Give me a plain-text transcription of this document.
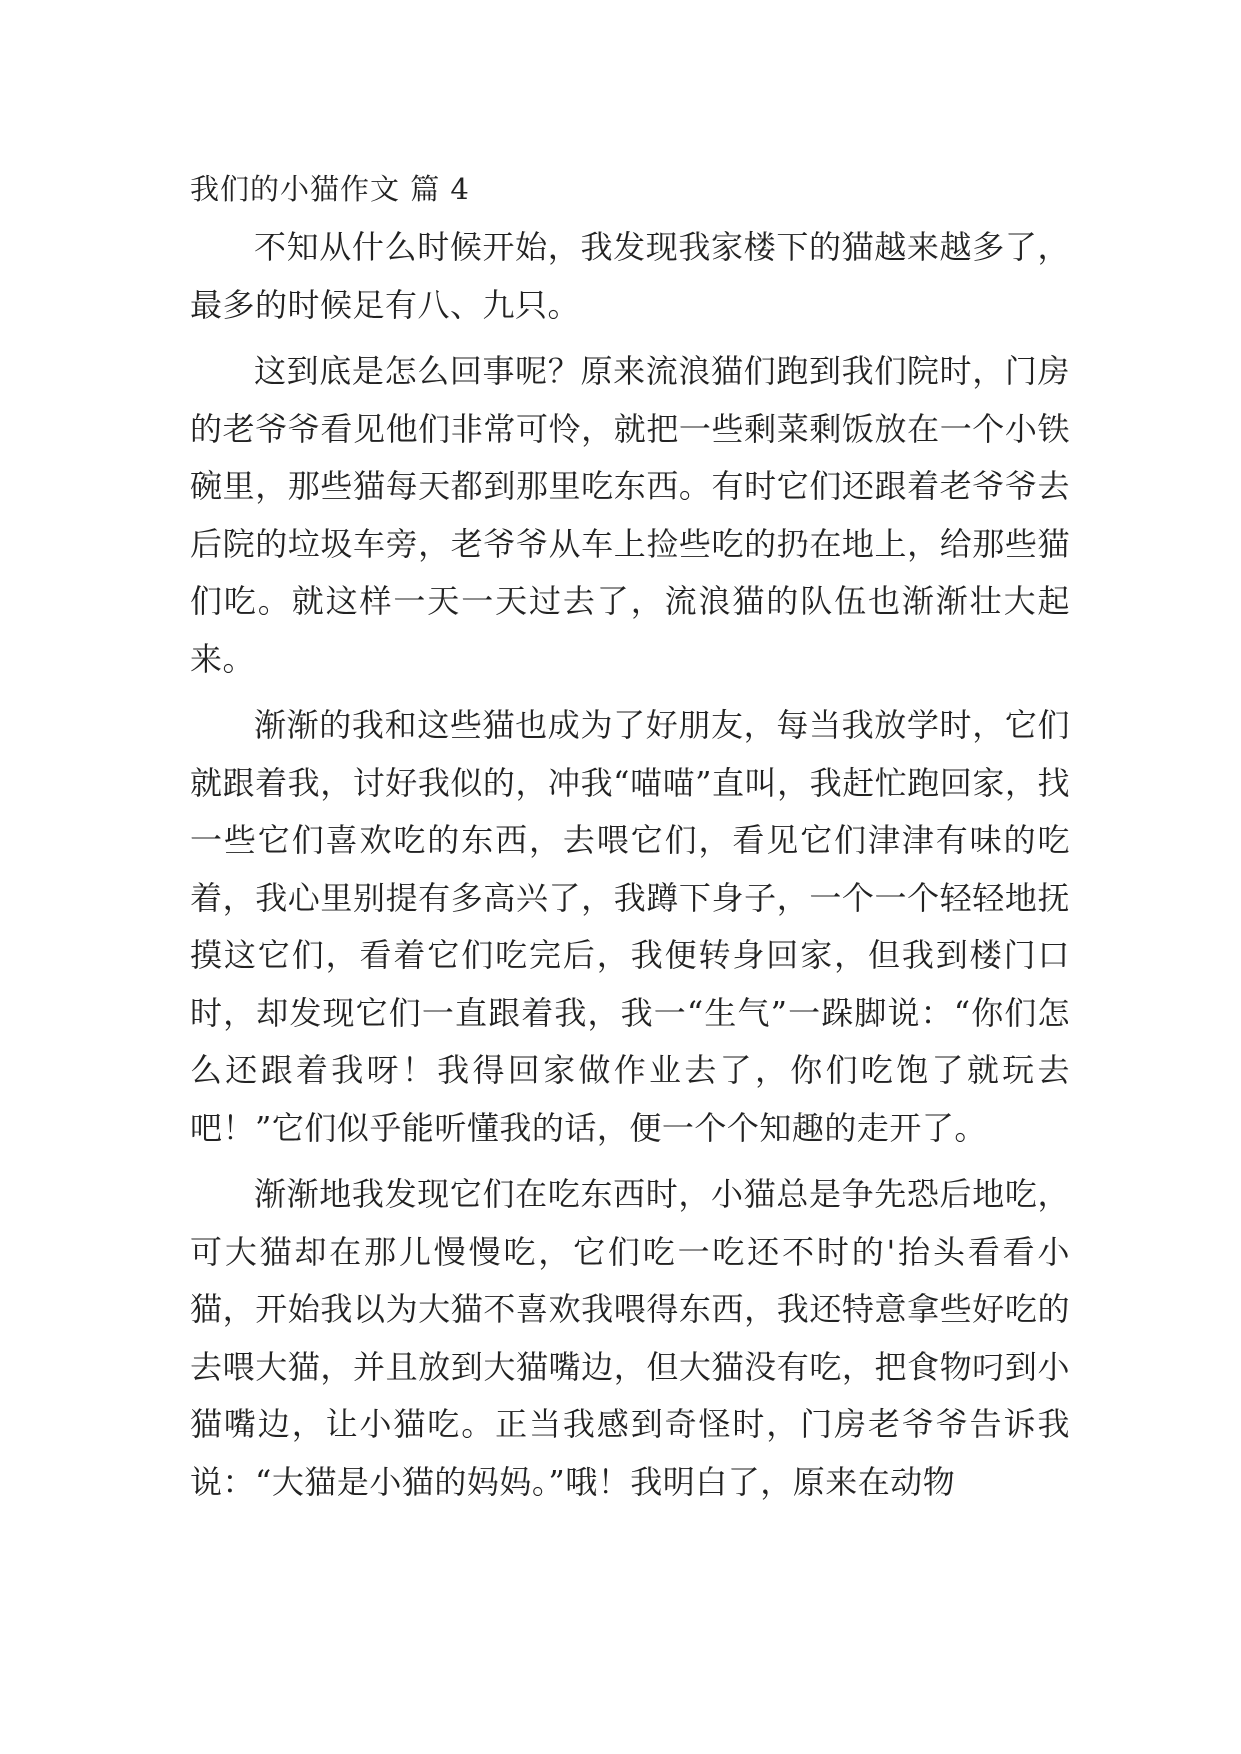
我们的小猫作文 篇 4

不知从什么时候开始，我发现我家楼下的猫越来越多了，最多的时候足有八、九只。

这到底是怎么回事呢？原来流浪猫们跑到我们院时，门房的老爷爷看见他们非常可怜，就把一些剩菜剩饭放在一个小铁碗里，那些猫每天都到那里吃东西。有时它们还跟着老爷爷去后院的垃圾车旁，老爷爷从车上捡些吃的扔在地上，给那些猫们吃。就这样一天一天过去了，流浪猫的队伍也渐渐壮大起来。

渐渐的我和这些猫也成为了好朋友，每当我放学时，它们就跟着我，讨好我似的，冲我“喵喵”直叫，我赶忙跑回家，找一些它们喜欢吃的东西，去喂它们，看见它们津津有味的吃着，我心里别提有多高兴了，我蹲下身子，一个一个轻轻地抚摸这它们，看着它们吃完后，我便转身回家，但我到楼门口时，却发现它们一直跟着我，我一“生气”一跺脚说：“你们怎么还跟着我呀！我得回家做作业去了，你们吃饱了就玩去吧！”它们似乎能听懂我的话，便一个个知趣的走开了。

渐渐地我发现它们在吃东西时，小猫总是争先恐后地吃，可大猫却在那儿慢慢吃，它们吃一吃还不时的'抬头看看小猫，开始我以为大猫不喜欢我喂得东西，我还特意拿些好吃的去喂大猫，并且放到大猫嘴边，但大猫没有吃，把食物叼到小猫嘴边，让小猫吃。正当我感到奇怪时，门房老爷爷告诉我说：“大猫是小猫的妈妈。”哦！我明白了，原来在动物
